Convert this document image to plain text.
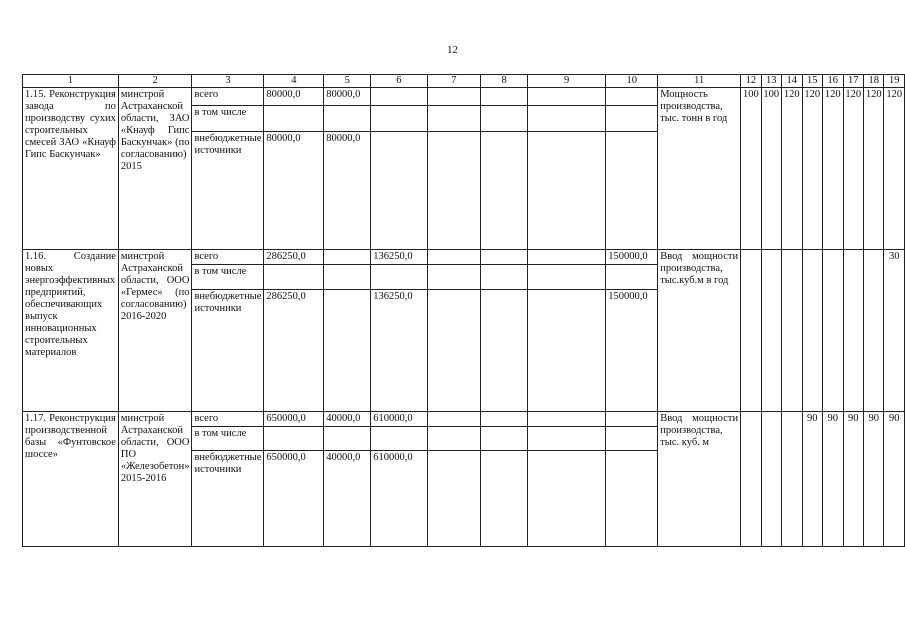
12
1	2	3	4	5	6	7	8	9	10	11	12	13	14	15	16	17	18	19
1.15. Реконструкция завода по производству сухих строительных смесей ЗАО «Кнауф Гипс Баскунчак»	минстрой Астраханской области, ЗАО «Кнауф Гипс Баскунчак» (по согласованию) 2015	всего	80000,0	80000,0						Мощность производства, тыс. тонн в год	100	100	120	120	120	120	120	120
		в том числе																
		внебюджетные источники	80000,0	80000,0														
1.16. Создание новых энергоэффективных предприятий, обеспечивающих выпуск инновационных строительных материалов	минстрой Астраханской области, ООО «Гермес» (по согласованию) 2016-2020	всего	286250,0		136250,0				150000,0	Ввод мощности производства, тыс.куб.м в год								30
		в том числе																
		внебюджетные источники	286250,0		136250,0				150000,0									
1.17. Реконструкция производственной базы «Фунтовское шоссе»	минстрой Астраханской области, ООО ПО «Железобетон» 2015-2016	всего	650000,0	40000,0	610000,0					Ввод мощности производства, тыс. куб. м				90	90	90	90	90
		в том числе																
		внебюджетные источники	650000,0	40000,0	610000,0													
